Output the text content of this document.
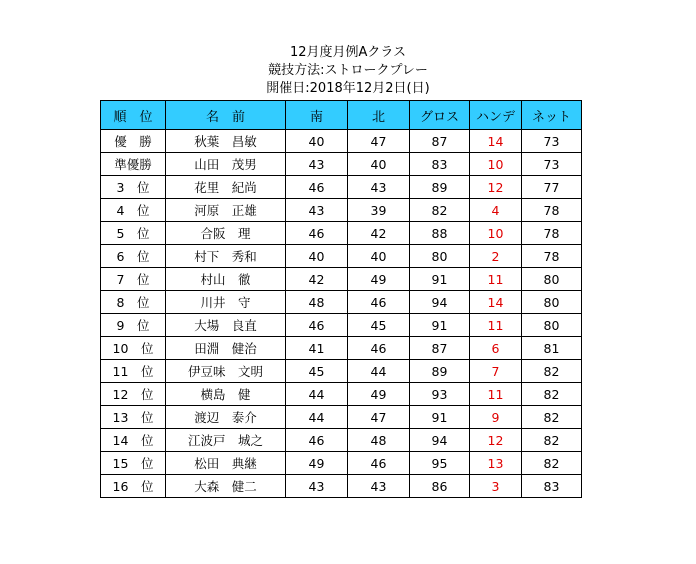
12月度月例Aクラス
競技方法:ストロークプレー
開催日:2018年12月2日(日)
順　位	名　前	南	北	グロス	ハンデ	ネット
優　勝	秋葉　昌敏	40	47	87	14	73
準優勝	山田　茂男	43	40	83	10	73
3　位	花里　紀尚	46	43	89	12	77
4　位	河原　正雄	43	39	82	4	78
5　位	合阪　理	46	42	88	10	78
6　位	村下　秀和	40	40	80	2	78
7　位	村山　徹	42	49	91	11	80
8　位	川井　守	48	46	94	14	80
9　位	大場　良直	46	45	91	11	80
10　位	田淵　健治	41	46	87	6	81
11　位	伊豆味　文明	45	44	89	7	82
12　位	横島　健	44	49	93	11	82
13　位	渡辺　泰介	44	47	91	9	82
14　位	江波戸　城之	46	48	94	12	82
15　位	松田　典継	49	46	95	13	82
16　位	大森　健二	43	43	86	3	83
